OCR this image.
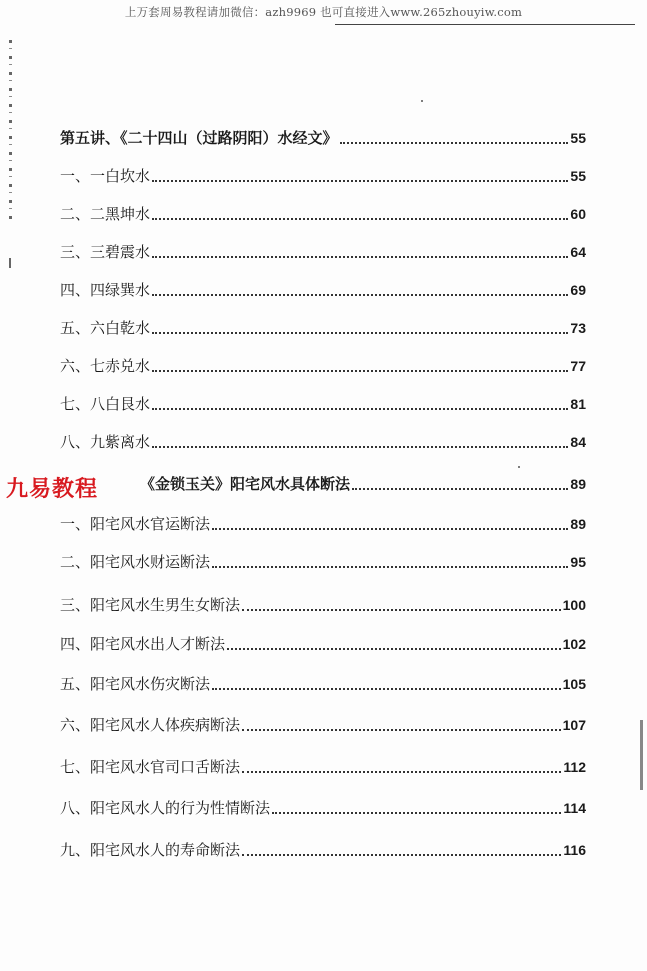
上万套周易教程请加微信：azh9969 也可直接进入www.265zhouyiw.com
第五讲、《二十四山（过路阴阳）水经文》	55
一、一白坎水	55
二、二黑坤水	60
三、三碧震水	64
四、四绿巽水	69
五、六白乾水	73
六、七赤兑水	77
七、八白艮水	81
八、九紫离水	84
《金锁玉关》阳宅风水具体断法	89
一、阳宅风水官运断法	89
二、阳宅风水财运断法	95
三、阳宅风水生男生女断法	100
四、阳宅风水出人才断法	102
五、阳宅风水伤灾断法	105
六、阳宅风水人体疾病断法	107
七、阳宅风水官司口舌断法	112
八、阳宅风水人的行为性情断法	114
九、阳宅风水人的寿命断法	116
九易教程
